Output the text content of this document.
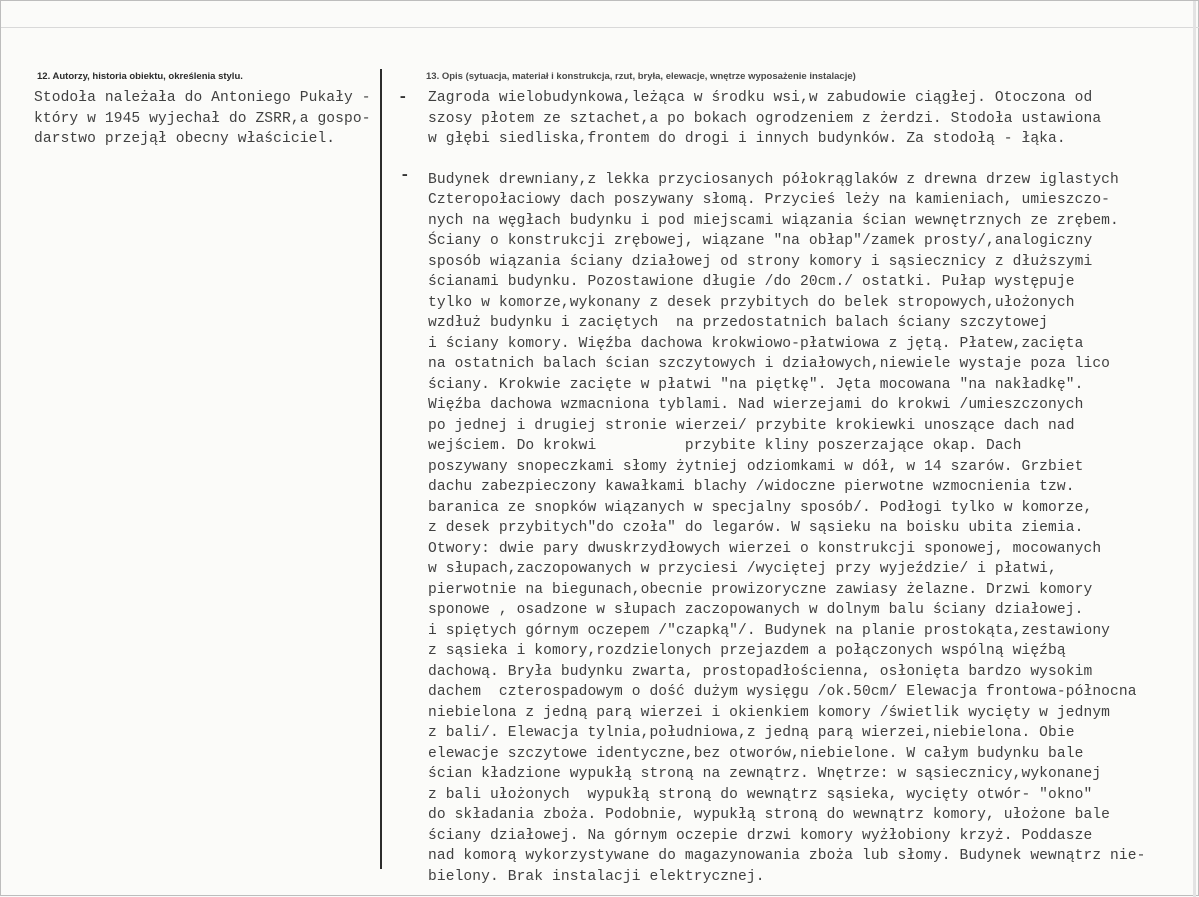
12. Autorzy, historia obiektu, określenia stylu.	13. Opis (sytuacja, materiał i konstrukcja, rzut, bryła, elewacje, wnętrze wyposażenie instalacje)
Stodoła należała do Antoniego Pukały -
który w 1945 wyjechał do ZSRR,a gospo-
darstwo przejął obecny właściciel.
-
-
Zagroda wielobudynkowa,leżąca w środku wsi,w zabudowie ciągłej. Otoczona od
szosy płotem ze sztachet,a po bokach ogrodzeniem z żerdzi. Stodoła ustawiona
w głębi siedliska,frontem do drogi i innych budynków. Za stodołą - łąka.
Budynek drewniany,z lekka przyciosanych półokrąglaków z drewna drzew iglastych
Czteropołaciowy dach poszywany słomą. Przycieś leży na kamieniach, umieszczo-
nych na węgłach budynku i pod miejscami wiązania ścian wewnętrznych ze zrębem.
Ściany o konstrukcji zrębowej, wiązane "na obłap"/zamek prosty/,analogiczny
sposób wiązania ściany działowej od strony komory i sąsiecznicy z dłuższymi
ścianami budynku. Pozostawione długie /do 20cm./ ostatki. Pułap występuje
tylko w komorze,wykonany z desek przybitych do belek stropowych,ułożonych
wzdłuż budynku i zaciętych  na przedostatnich balach ściany szczytowej
i ściany komory. Więźba dachowa krokwiowo-płatwiowa z jętą. Płatew,zacięta
na ostatnich balach ścian szczytowych i działowych,niewiele wystaje poza lico
ściany. Krokwie zacięte w płatwi "na piętkę". Jęta mocowana "na nakładkę".
Więźba dachowa wzmacniona tyblami. Nad wierzejami do krokwi /umieszczonych
po jednej i drugiej stronie wierzei/ przybite krokiewki unoszące dach nad
wejściem. Do krokwi          przybite kliny poszerzające okap. Dach
poszywany snopeczkami słomy żytniej odziomkami w dół, w 14 szarów. Grzbiet
dachu zabezpieczony kawałkami blachy /widoczne pierwotne wzmocnienia tzw.
baranica ze snopków wiązanych w specjalny sposób/. Podłogi tylko w komorze,
z desek przybitych"do czoła" do legarów. W sąsieku na boisku ubita ziemia.
Otwory: dwie pary dwuskrzydłowych wierzei o konstrukcji sponowej, mocowanych
w słupach,zaczopowanych w przyciesi /wyciętej przy wyjeździe/ i płatwi,
pierwotnie na biegunach,obecnie prowizoryczne zawiasy żelazne. Drzwi komory
sponowe , osadzone w słupach zaczopowanych w dolnym balu ściany działowej.
i spiętych górnym oczepem /"czapką"/. Budynek na planie prostokąta,zestawiony
z sąsieka i komory,rozdzielonych przejazdem a połączonych wspólną więźbą
dachową. Bryła budynku zwarta, prostopadłościenna, osłonięta bardzo wysokim
dachem  czterospadowym o dość dużym wysięgu /ok.50cm/ Elewacja frontowa-północna
niebielona z jedną parą wierzei i okienkiem komory /świetlik wycięty w jednym
z bali/. Elewacja tylnia,południowa,z jedną parą wierzei,niebielona. Obie
elewacje szczytowe identyczne,bez otworów,niebielone. W całym budynku bale
ścian kładzione wypukłą stroną na zewnątrz. Wnętrze: w sąsiecznicy,wykonanej
z bali ułożonych  wypukłą stroną do wewnątrz sąsieka, wycięty otwór- "okno"
do składania zboża. Podobnie, wypukłą stroną do wewnątrz komory, ułożone bale
ściany działowej. Na górnym oczepie drzwi komory wyżłobiony krzyż. Poddasze
nad komorą wykorzystywane do magazynowania zboża lub słomy. Budynek wewnątrz nie-
bielony. Brak instalacji elektrycznej.
